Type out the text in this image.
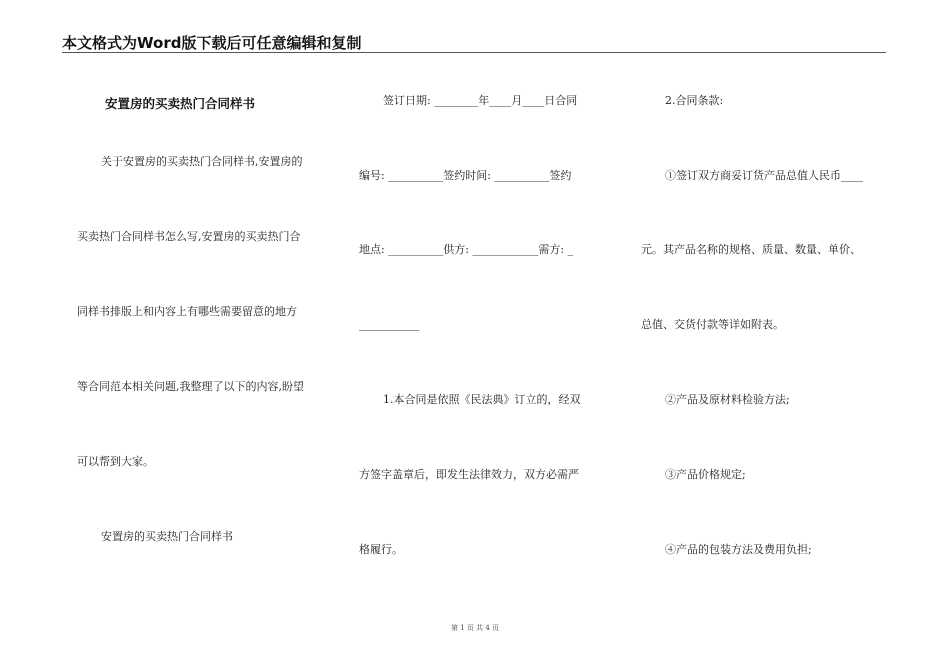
本文格式为Word版下载后可任意编辑和复制
安置房的买卖热门合同样书
关于安置房的买卖热门合同样书,安置房的
买卖热门合同样书怎么写,安置房的买卖热门合
同样书排版上和内容上有哪些需要留意的地方
等合同范本相关问题,我整理了以下的内容,盼望
可以帮到大家。
安置房的买卖热门合同样书
签订日期: ________年____月____日合同
编号: __________签约时间: __________签约
地点: __________供方: ____________需方: _
___________
1.本合同是依照《民法典》订立的，经双
方签字盖章后，即发生法律效力，双方必需严
格履行。
2.合同条款:
①签订双方商妥订货产品总值人民币____
元。其产品名称的规格、质量、数量、单价、
总值、交货付款等详如附表。
②产品及原材料检验方法;
③产品价格规定;
④产品的包装方法及费用负担;
第 1 页 共 4 页
